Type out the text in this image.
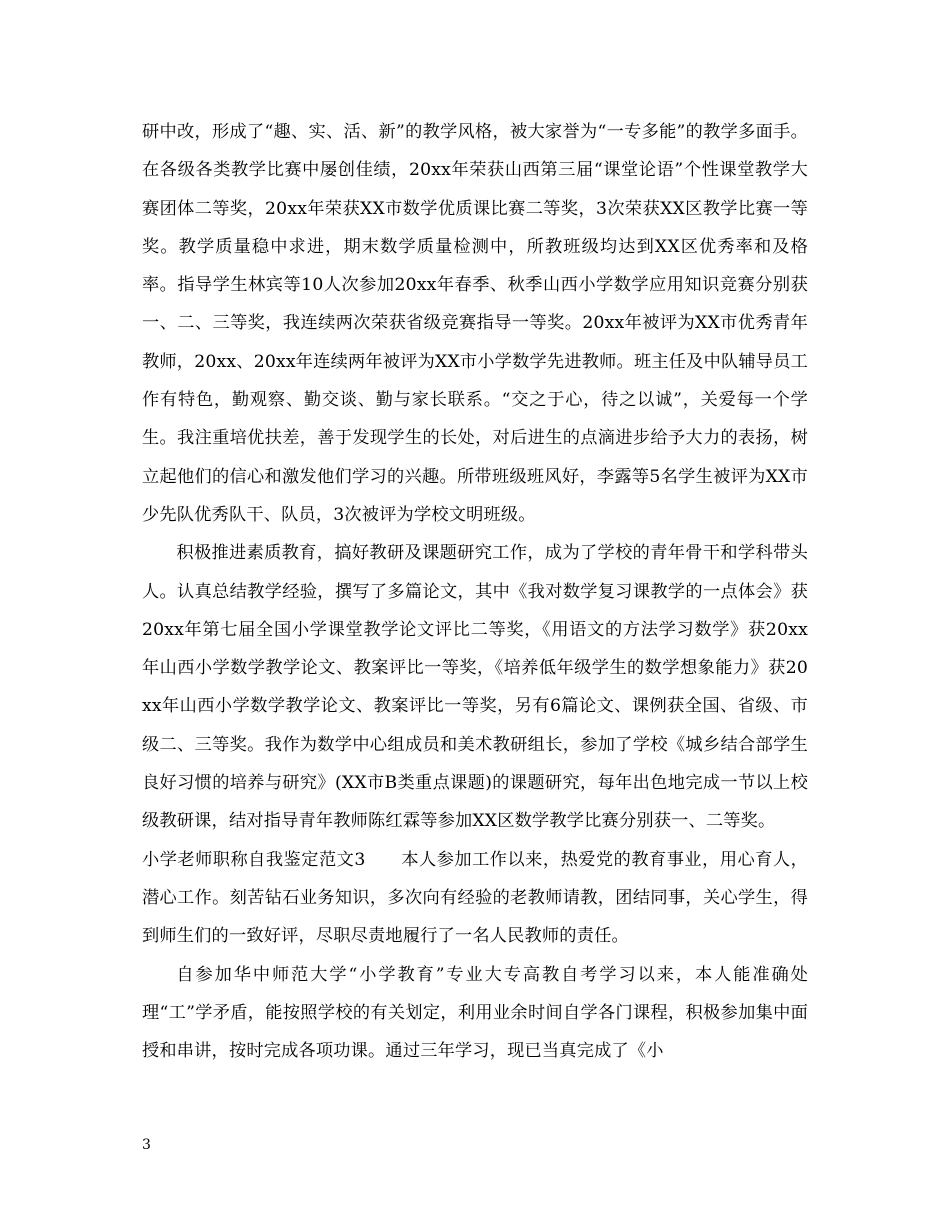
研中改，形成了“趣、实、活、新”的教学风格，被大家誉为“一专多能”的教学多面手。在各级各类教学比赛中屡创佳绩，20xx年荣获山西第三届“课堂论语”个性课堂教学大赛团体二等奖，20xx年荣获XX市数学优质课比赛二等奖，3次荣获XX区教学比赛一等奖。教学质量稳中求进，期末数学质量检测中，所教班级均达到XX区优秀率和及格率。指导学生林宾等10人次参加20xx年春季、秋季山西小学数学应用知识竞赛分别获一、二、三等奖，我连续两次荣获省级竞赛指导一等奖。20xx年被评为XX市优秀青年教师，20xx、20xx年连续两年被评为XX市小学数学先进教师。班主任及中队辅导员工作有特色，勤观察、勤交谈、勤与家长联系。“交之于心，待之以诚”，关爱每一个学生。我注重培优扶差，善于发现学生的长处，对后进生的点滴进步给予大力的表扬，树立起他们的信心和激发他们学习的兴趣。所带班级班风好，李露等5名学生被评为XX市少先队优秀队干、队员，3次被评为学校文明班级。

积极推进素质教育，搞好教研及课题研究工作，成为了学校的青年骨干和学科带头人。认真总结教学经验，撰写了多篇论文，其中《我对数学复习课教学的一点体会》获20xx年第七届全国小学课堂教学论文评比二等奖，《用语文的方法学习数学》获20xx年山西小学数学教学论文、教案评比一等奖，《培养低年级学生的数学想象能力》获20xx年山西小学数学教学论文、教案评比一等奖，另有6篇论文、课例获全国、省级、市级二、三等奖。我作为数学中心组成员和美术教研组长，参加了学校《城乡结合部学生良好习惯的培养与研究》(XX市B类重点课题)的课题研究，每年出色地完成一节以上校级教研课，结对指导青年教师陈红霖等参加XX区数学教学比赛分别获一、二等奖。

小学老师职称自我鉴定范文3 本人参加工作以来，热爱党的教育事业，用心育人，潜心工作。刻苦钻石业务知识，多次向有经验的老教师请教，团结同事，关心学生，得到师生们的一致好评，尽职尽责地履行了一名人民教师的责任。

自参加华中师范大学“小学教育”专业大专高教自考学习以来，本人能准确处理“工”学矛盾，能按照学校的有关划定，利用业余时间自学各门课程，积极参加集中面授和串讲，按时完成各项功课。通过三年学习，现已当真完成了《小

3
